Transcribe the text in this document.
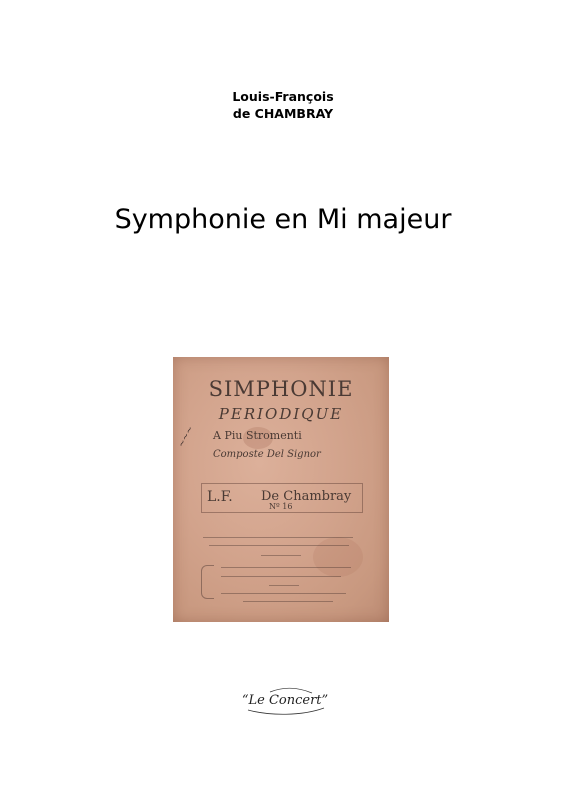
Louis-François
de CHAMBRAY
Symphonie en Mi majeur
SIMPHONIE
PERIODIQUE
A Piu Stromenti
Composte Del Signor
~~~
L.F. De Chambray
Nº 16
“Le Concert”
